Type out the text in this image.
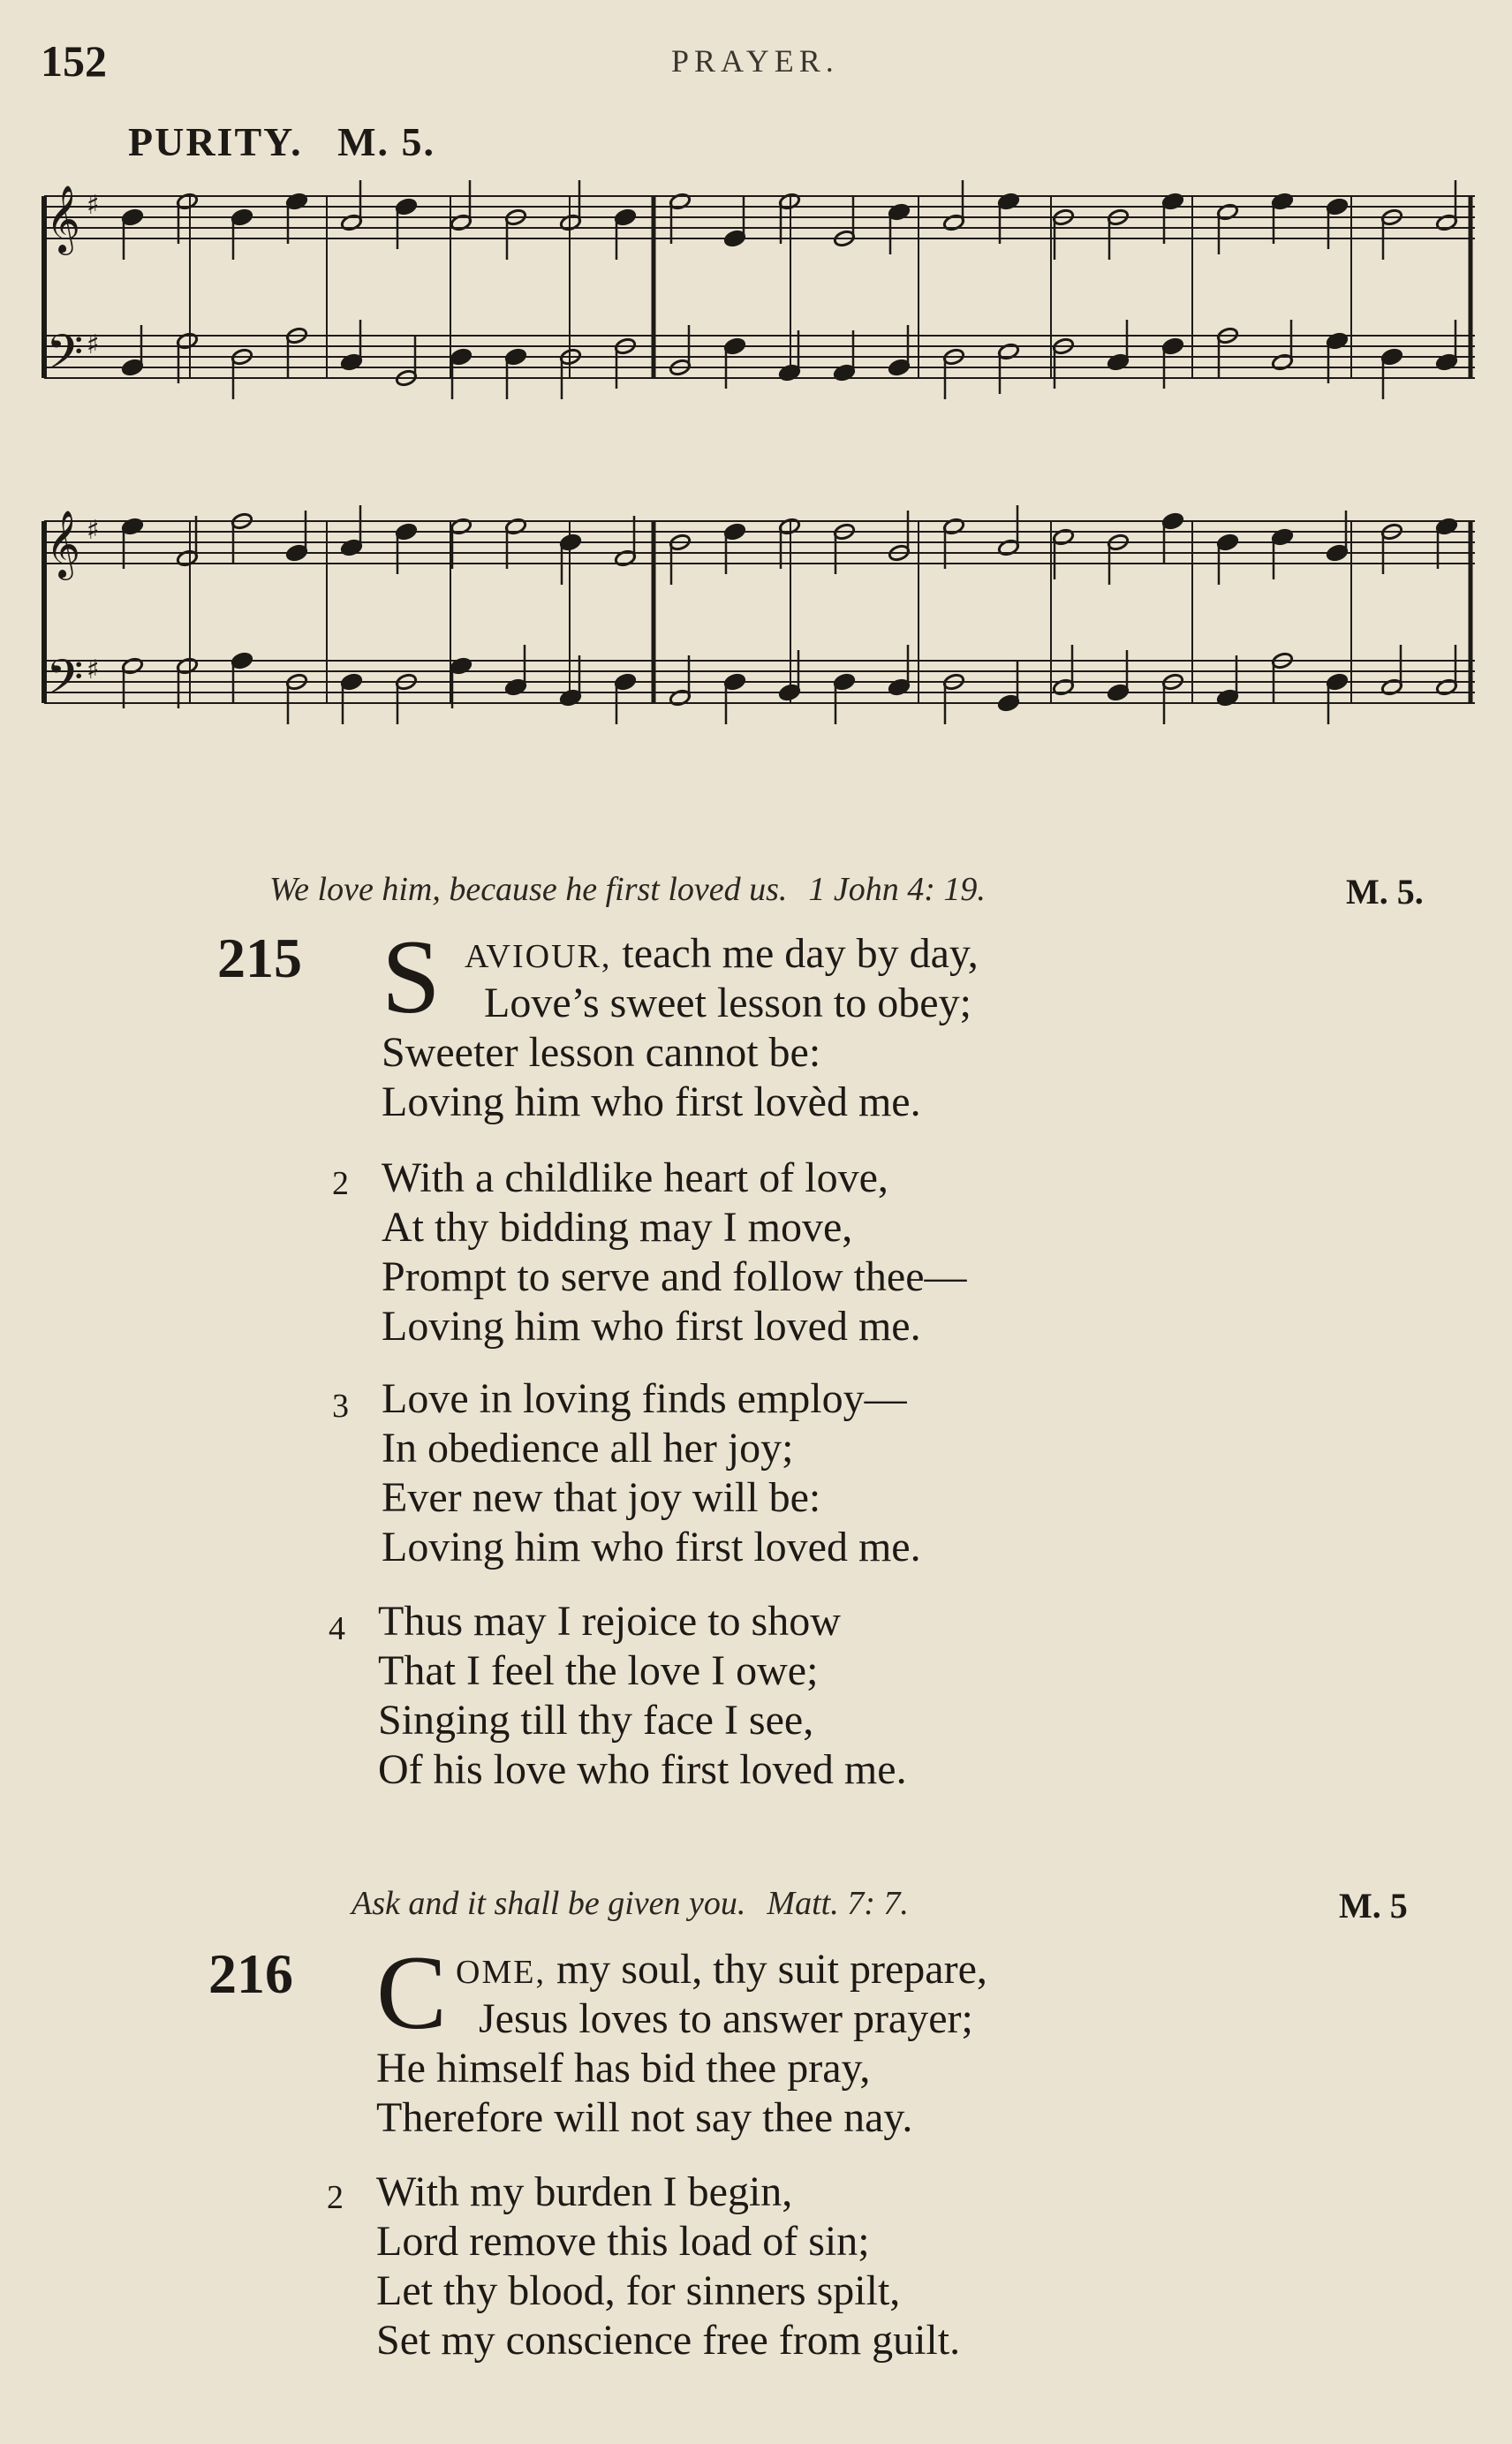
152	PRAYER.
PURITY. M. 5.
𝄞 ♯
𝄢 ♯
𝄞 ♯
𝄢 ♯
We love him, because he first loved us. 1 John 4: 19.	M. 5.
215 S AVIOUR, teach me day by day,
Love’s sweet lesson to obey;
Sweeter lesson cannot be:
Loving him who first lovèd me.
2 With a childlike heart of love,
At thy bidding may I move,
Prompt to serve and follow thee—
Loving him who first loved me.
3 Love in loving finds employ—
In obedience all her joy;
Ever new that joy will be:
Loving him who first loved me.
4 Thus may I rejoice to show
That I feel the love I owe;
Singing till thy face I see,
Of his love who first loved me.
Ask and it shall be given you. Matt. 7: 7.	M. 5
216 C OME, my soul, thy suit prepare,
Jesus loves to answer prayer;
He himself has bid thee pray,
Therefore will not say thee nay.
2 With my burden I begin,
Lord remove this load of sin;
Let thy blood, for sinners spilt,
Set my conscience free from guilt.
